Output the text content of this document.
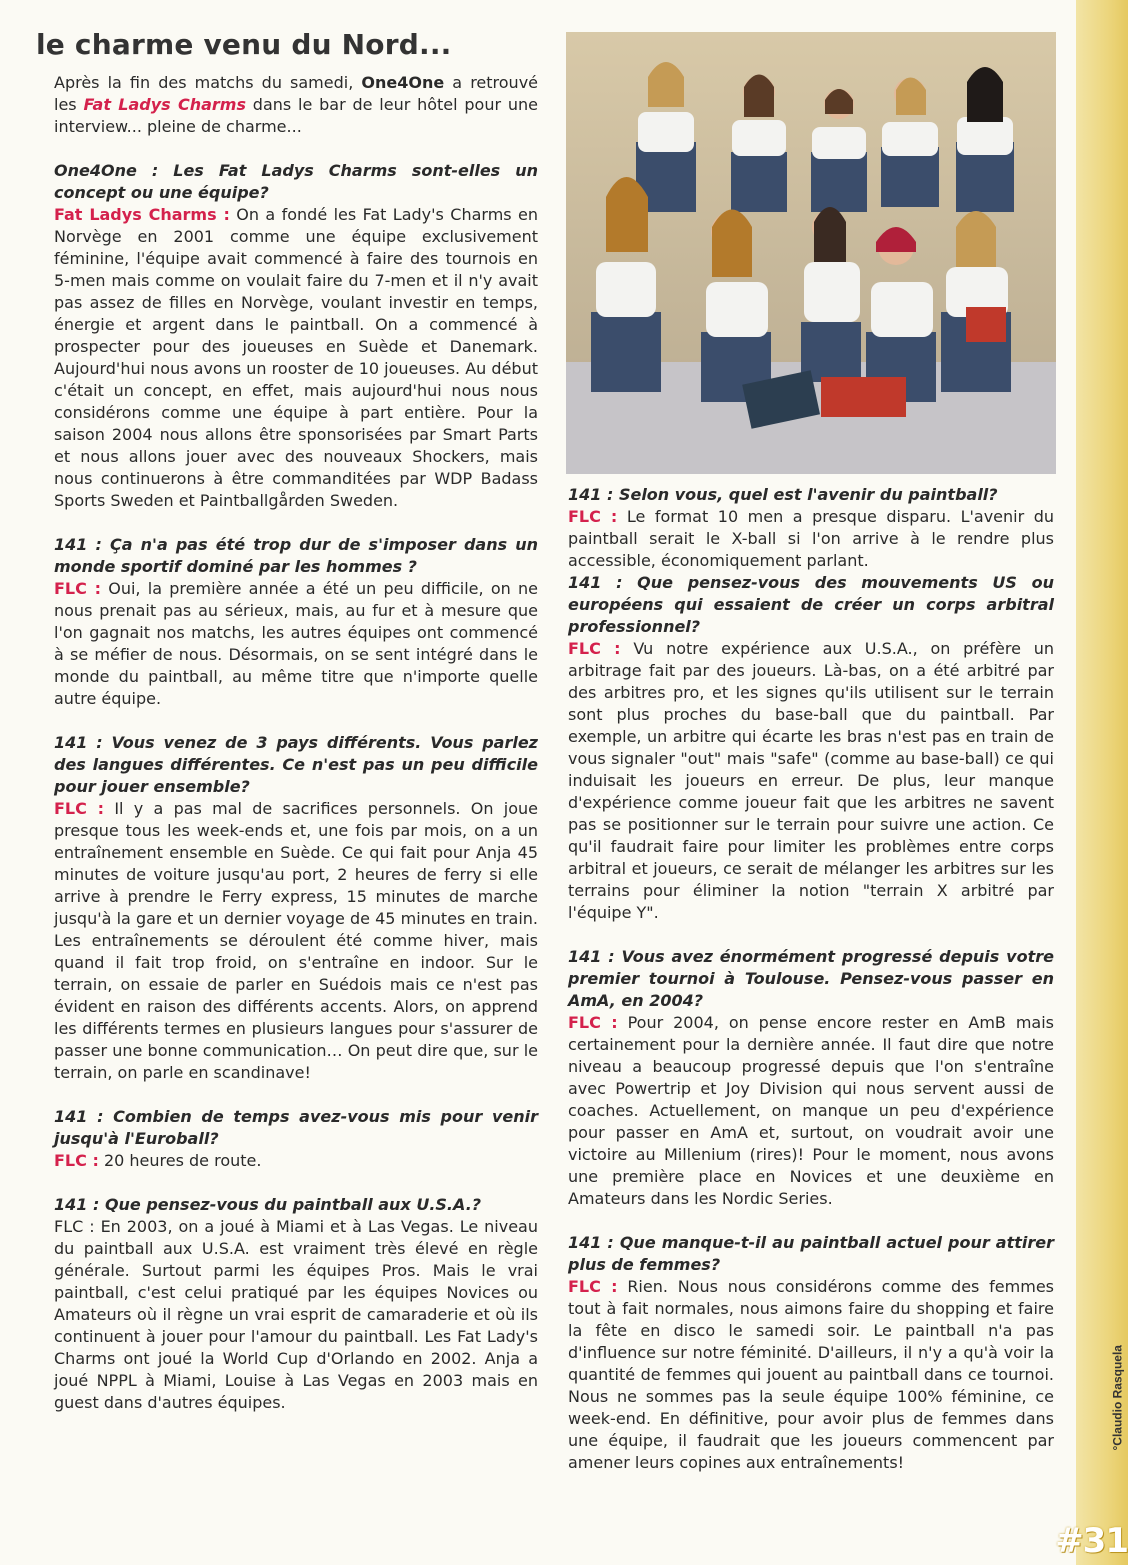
°Claudio Rasquela
#31
le charme venu du Nord...

Après la fin des matchs du samedi, One4One a retrouvé les Fat Ladys Charms dans le bar de leur hôtel pour une interview... pleine de charme...

One4One : Les Fat Ladys Charms sont-elles un concept ou une équipe?

Fat Ladys Charms : On a fondé les Fat Lady's Charms en Norvège en 2001 comme une équipe exclusivement féminine, l'équipe avait commencé à faire des tournois en 5-men mais comme on voulait faire du 7-men et il n'y avait pas assez de filles en Norvège, voulant investir en temps, énergie et argent dans le paintball. On a commencé à prospecter pour des joueuses en Suède et Danemark. Aujourd'hui nous avons un rooster de 10 joueuses. Au début c'était un concept, en effet, mais aujourd'hui nous nous considérons comme une équipe à part entière. Pour la saison 2004 nous allons être sponsorisées par Smart Parts et nous allons jouer avec des nouveaux Shockers, mais nous continuerons à être commanditées par WDP Badass Sports Sweden et Paintballgården Sweden.

141 : Ça n'a pas été trop dur de s'imposer dans un monde sportif dominé par les hommes ?

FLC : Oui, la première année a été un peu difficile, on ne nous prenait pas au sérieux, mais, au fur et à mesure que l'on gagnait nos matchs, les autres équipes ont commencé à se méfier de nous. Désormais, on se sent intégré dans le monde du paintball, au même titre que n'importe quelle autre équipe.

141 : Vous venez de 3 pays différents. Vous parlez des langues différentes. Ce n'est pas un peu difficile pour jouer ensemble?

FLC : Il y a pas mal de sacrifices personnels. On joue presque tous les week-ends et, une fois par mois, on a un entraînement ensemble en Suède. Ce qui fait pour Anja 45 minutes de voiture jusqu'au port, 2 heures de ferry si elle arrive à prendre le Ferry express, 15 minutes de marche jusqu'à la gare et un dernier voyage de 45 minutes en train. Les entraînements se déroulent été comme hiver, mais quand il fait trop froid, on s'entraîne en indoor. Sur le terrain, on essaie de parler en Suédois mais ce n'est pas évident en raison des différents accents. Alors, on apprend les différents termes en plusieurs langues pour s'assurer de passer une bonne communication… On peut dire que, sur le terrain, on parle en scandinave!

141 : Combien de temps avez-vous mis pour venir jusqu'à l'Euroball?

FLC : 20 heures de route.

141 : Que pensez-vous du paintball aux U.S.A.?

FLC : En 2003, on a joué à Miami et à Las Vegas. Le niveau du paintball aux U.S.A. est vraiment très élevé en règle générale. Surtout parmi les équipes Pros. Mais le vrai paintball, c'est celui pratiqué par les équipes Novices ou Amateurs où il règne un vrai esprit de camaraderie et où ils continuent à jouer pour l'amour du paintball. Les Fat Lady's Charms ont joué la World Cup d'Orlando en 2002. Anja a joué NPPL à Miami, Louise à Las Vegas en 2003 mais en guest dans d'autres équipes.

141 : Selon vous, quel est l'avenir du paintball?

FLC : Le format 10 men a presque disparu. L'avenir du paintball serait le X-ball si l'on arrive à le rendre plus accessible, économiquement parlant.

141 : Que pensez-vous des mouvements US ou européens qui essaient de créer un corps arbitral professionnel?

FLC : Vu notre expérience aux U.S.A., on préfère un arbitrage fait par des joueurs. Là-bas, on a été arbitré par des arbitres pro, et les signes qu'ils utilisent sur le terrain sont plus proches du base-ball que du paintball. Par exemple, un arbitre qui écarte les bras n'est pas en train de vous signaler "out" mais "safe" (comme au base-ball) ce qui induisait les joueurs en erreur. De plus, leur manque d'expérience comme joueur fait que les arbitres ne savent pas se positionner sur le terrain pour suivre une action. Ce qu'il faudrait faire pour limiter les problèmes entre corps arbitral et joueurs, ce serait de mélanger les arbitres sur les terrains pour éliminer la notion "terrain X arbitré par l'équipe Y".

141 : Vous avez énormément progressé depuis votre premier tournoi à Toulouse. Pensez-vous passer en AmA, en 2004?

FLC : Pour 2004, on pense encore rester en AmB mais certainement pour la dernière année. Il faut dire que notre niveau a beaucoup progressé depuis que l'on s'entraîne avec Powertrip et Joy Division qui nous servent aussi de coaches. Actuellement, on manque un peu d'expérience pour passer en AmA et, surtout, on voudrait avoir une victoire au Millenium (rires)! Pour le moment, nous avons une première place en Novices et une deuxième en Amateurs dans les Nordic Series.

141 : Que manque-t-il au paintball actuel pour attirer plus de femmes?

FLC : Rien. Nous nous considérons comme des femmes tout à fait normales, nous aimons faire du shopping et faire la fête en disco le samedi soir. Le paintball n'a pas d'influence sur notre féminité. D'ailleurs, il n'y a qu'à voir la quantité de femmes qui jouent au paintball dans ce tournoi. Nous ne sommes pas la seule équipe 100% féminine, ce week-end. En définitive, pour avoir plus de femmes dans une équipe, il faudrait que les joueurs commencent par amener leurs copines aux entraînements!
